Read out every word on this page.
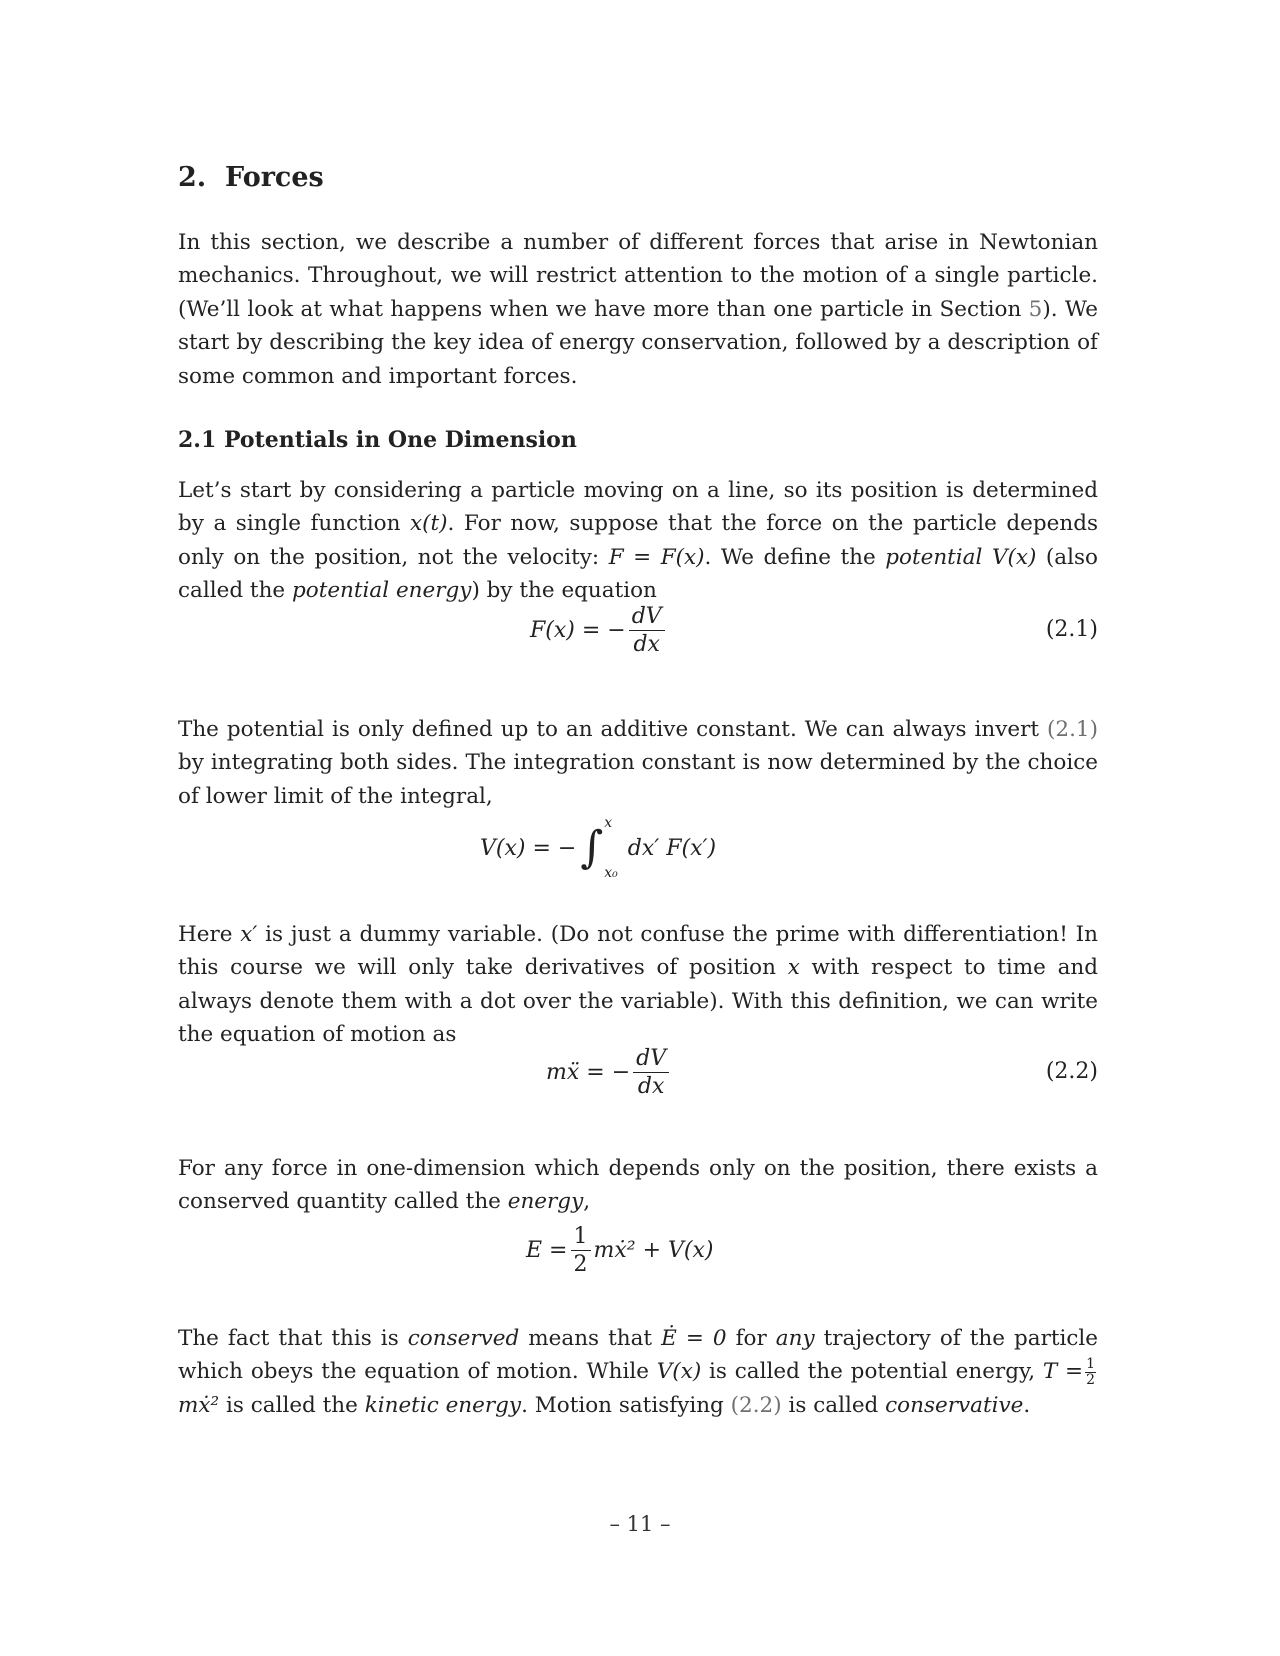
2. Forces

In this section, we describe a number of different forces that arise in Newtonian mechanics. Throughout, we will restrict attention to the motion of a single particle. (We’ll look at what happens when we have more than one particle in Section 5). We start by describing the key idea of energy conservation, followed by a description of some common and important forces.

2.1 Potentials in One Dimension

Let’s start by considering a particle moving on a line, so its position is determined by a single function x(t). For now, suppose that the force on the particle depends only on the position, not the velocity: F = F(x). We define the potential V(x) (also called the potential energy) by the equation

F(x) = − $\frac{dV}{dx}$	(2.1)

The potential is only defined up to an additive constant. We can always invert (2.1) by integrating both sides. The integration constant is now determined by the choice of lower limit of the integral,

V(x) = − ∫ x
x₀
dx′ F(x′)

Here x′ is just a dummy variable. (Do not confuse the prime with differentiation! In this course we will only take derivatives of position x with respect to time and always denote them with a dot over the variable). With this definition, we can write the equation of motion as

mẍ = − $\frac{dV}{dx}$	(2.2)

For any force in one-dimension which depends only on the position, there exists a conserved quantity called the energy,

$E = \frac{1}{2}$ mẋ² + V(x)

The fact that this is conserved means that Ė = 0 for any trajectory of the particle which obeys the equation of motion. While V(x) is called the potential energy, $T = \frac{1}{2}$
mẋ² is called the kinetic energy. Motion satisfying (2.2) is called conservative.

– 11 –
